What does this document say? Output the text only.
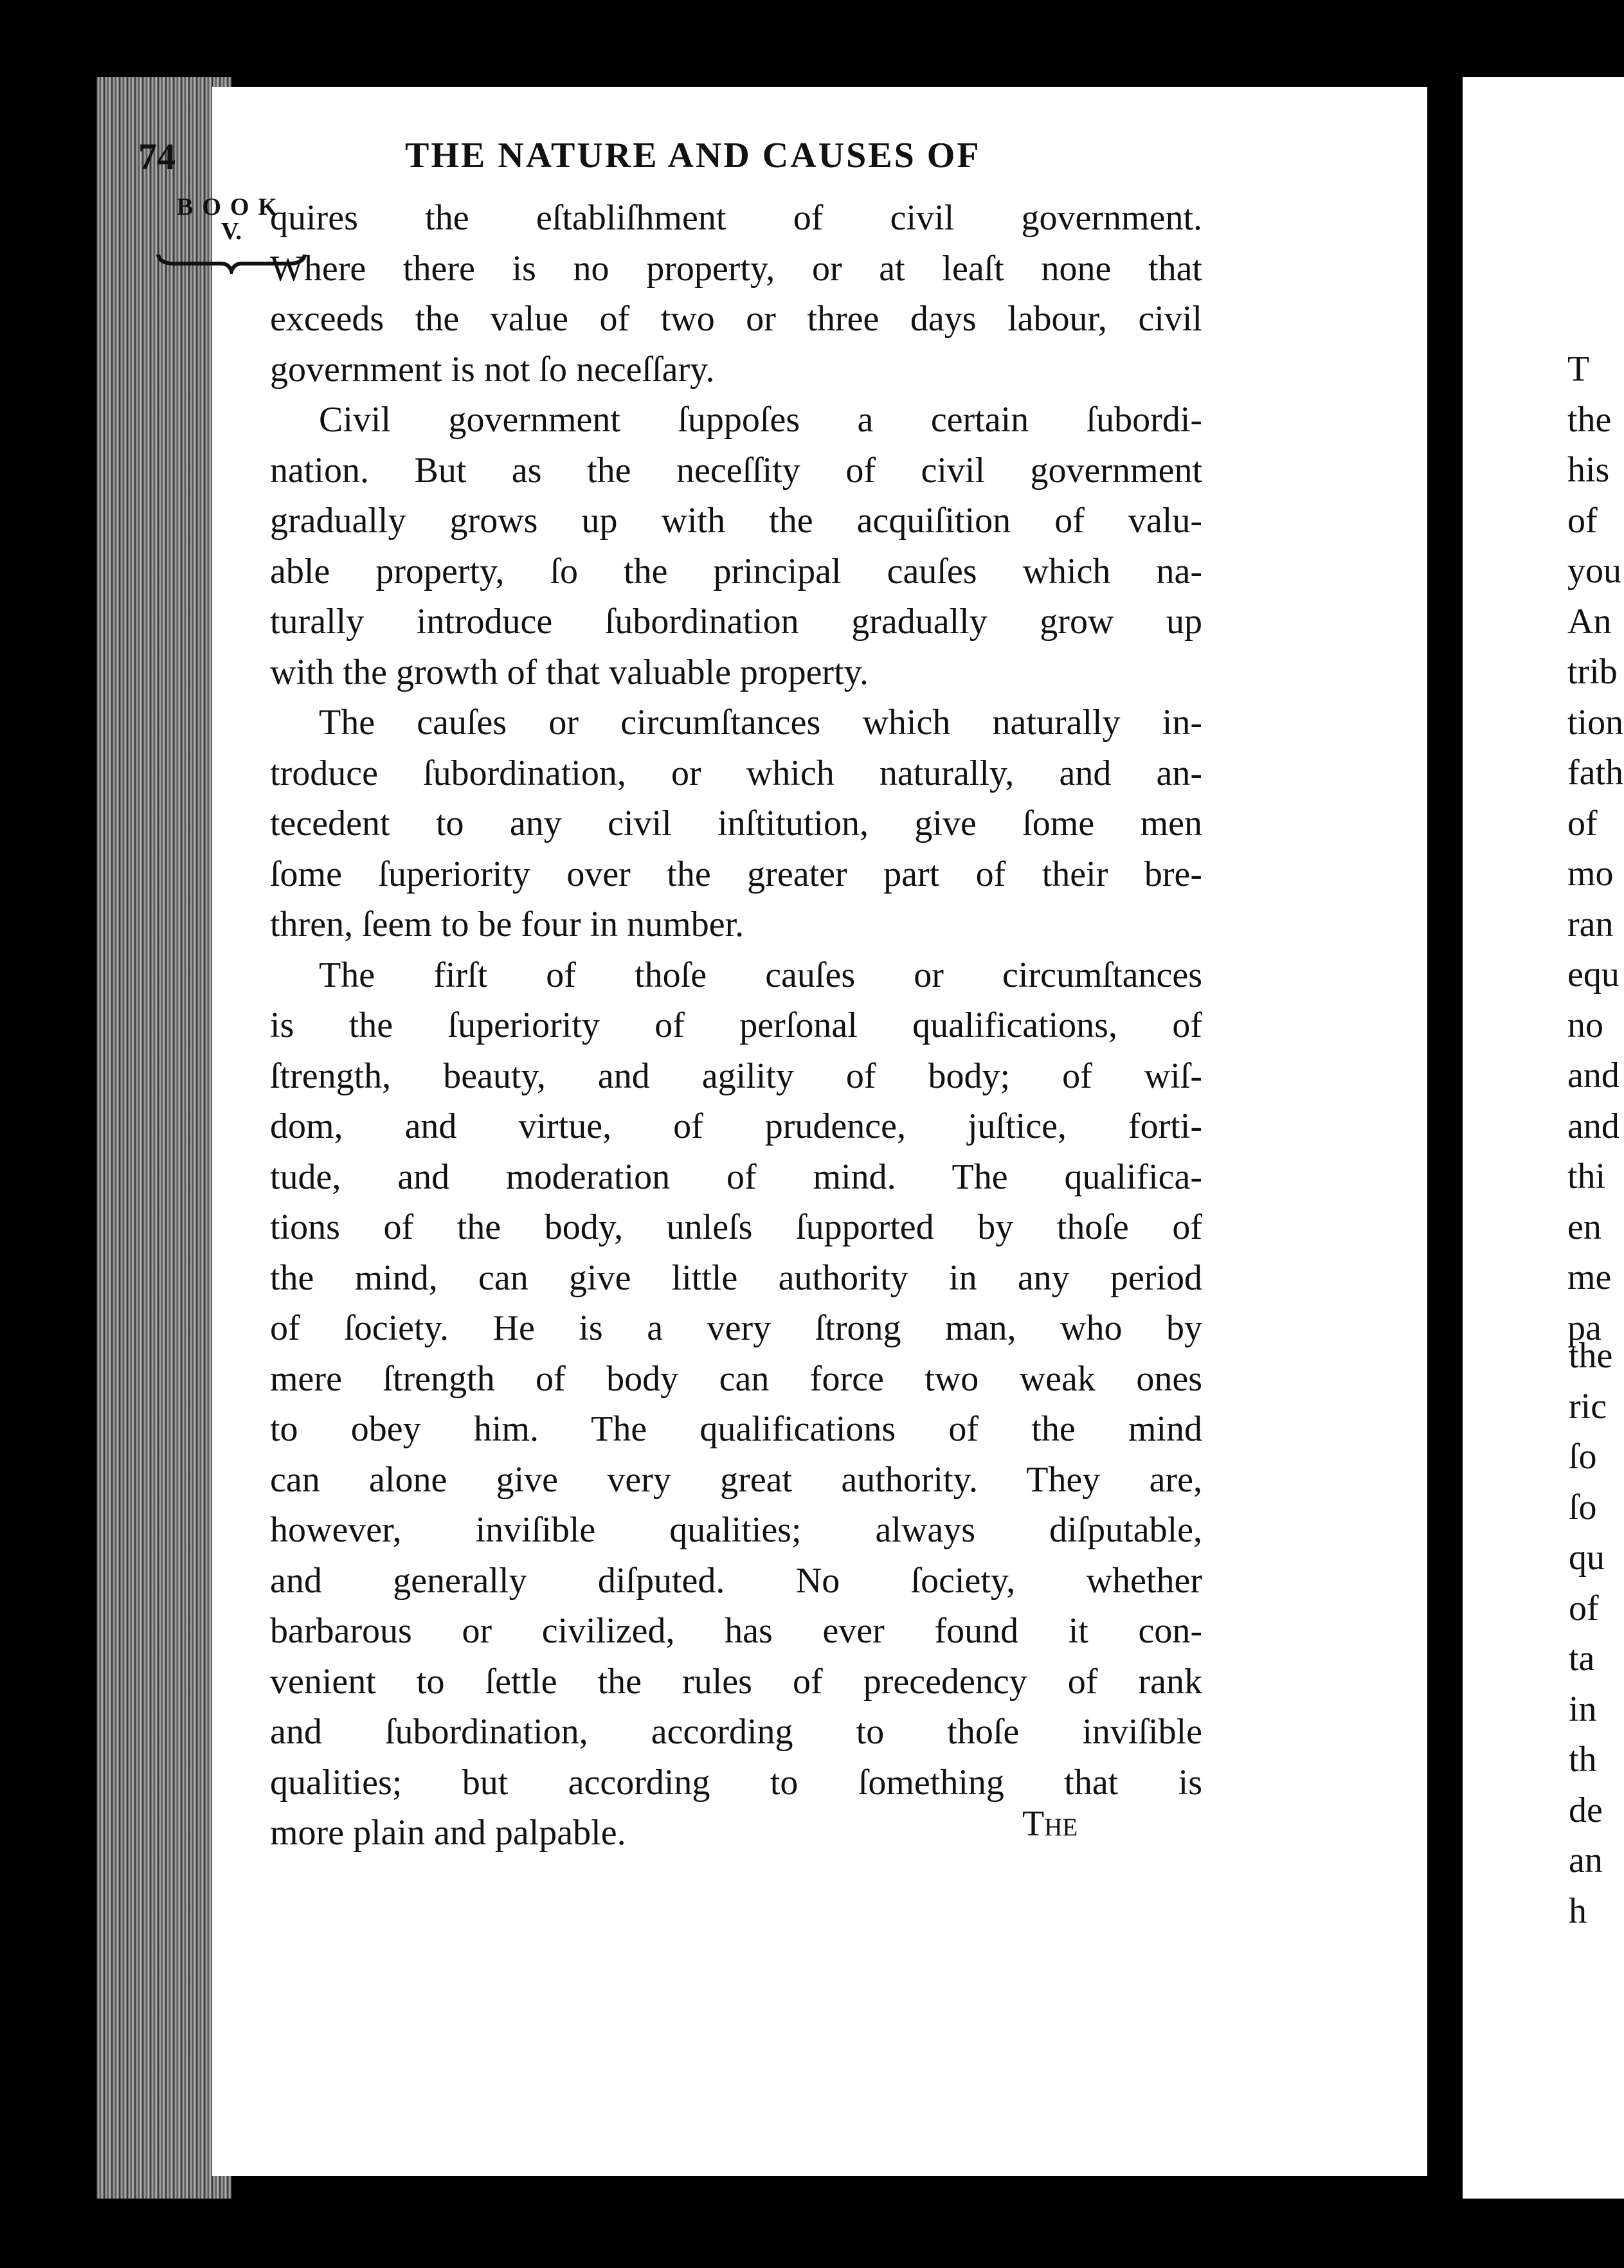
74	THE NATURE AND CAUSES OF
BOOK
V. quires the eſtabliſhment of civil government.

Where there is no property, or at leaſt none that

exceeds the value of two or three days labour, civil

government is not ſo neceſſary.

Civil government ſuppoſes a certain ſubordi-

nation. But as the neceſſity of civil government

gradually grows up with the acquiſition of valu-

able property, ſo the principal cauſes which na-

turally introduce ſubordination gradually grow up

with the growth of that valuable property.

The cauſes or circumſtances which naturally in-

troduce ſubordination, or which naturally, and an-

tecedent to any civil inſtitution, give ſome men

ſome ſuperiority over the greater part of their bre-

thren, ſeem to be four in number.

The firſt of thoſe cauſes or circumſtances

is the ſuperiority of perſonal qualifications, of

ſtrength, beauty, and agility of body; of wiſ-

dom, and virtue, of prudence, juſtice, forti-

tude, and moderation of mind. The qualifica-

tions of the body, unleſs ſupported by thoſe of

the mind, can give little authority in any period

of ſociety. He is a very ſtrong man, who by

mere ſtrength of body can force two weak ones

to obey him. The qualifications of the mind

can alone give very great authority. They are,

however, inviſible qualities; always diſputable,

and generally diſputed. No ſociety, whether

barbarous or civilized, has ever found it con-

venient to ſettle the rules of precedency of rank

and ſubordination, according to thoſe inviſible

qualities; but according to ſomething that is

more plain and palpable.	The
T
the
his
of
you
An
trib
tion
fath
of
mo
ran
equ
no
and
and
thi
en
me
pa
the
ric
ſo
ſo
qu
of
ta
in
th
de
an
h
